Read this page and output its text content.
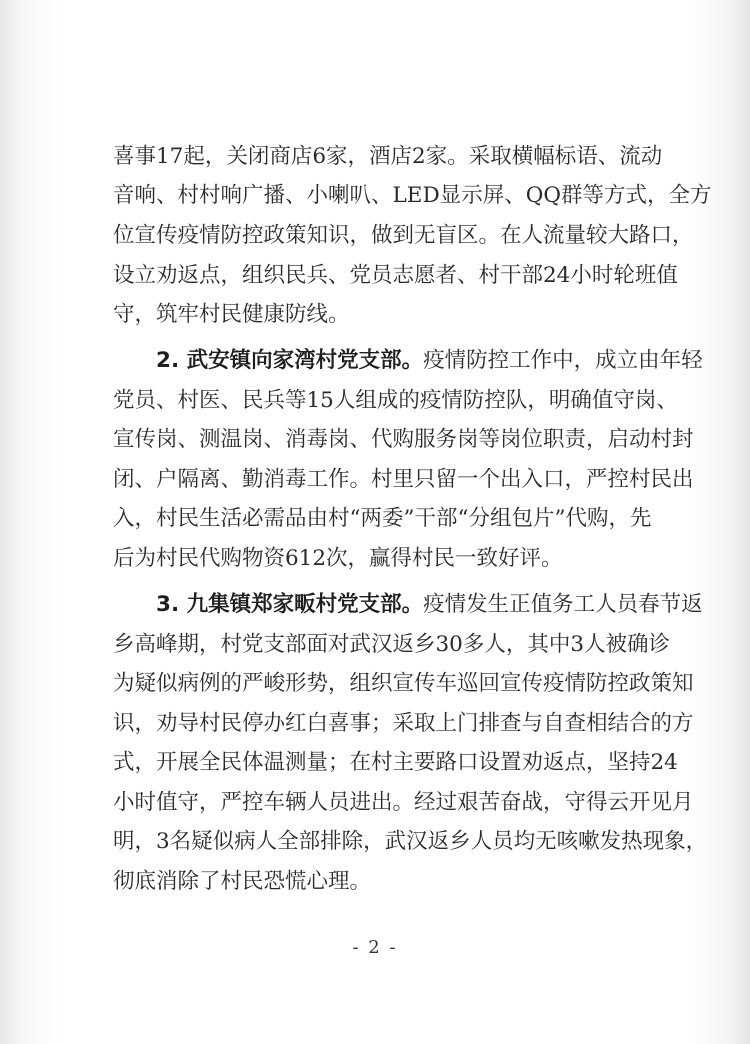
喜事17起，关闭商店6家，酒店2家。采取横幅标语、流动
音响、村村响广播、小喇叭、LED显示屏、QQ群等方式，全方
位宣传疫情防控政策知识，做到无盲区。在人流量较大路口，
设立劝返点，组织民兵、党员志愿者、村干部24小时轮班值
守，筑牢村民健康防线。
2. 武安镇向家湾村党支部。疫情防控工作中，成立由年轻
党员、村医、民兵等15人组成的疫情防控队，明确值守岗、
宣传岗、测温岗、消毒岗、代购服务岗等岗位职责，启动村封
闭、户隔离、勤消毒工作。村里只留一个出入口，严控村民出
入，村民生活必需品由村“两委”干部“分组包片”代购，先
后为村民代购物资612次，赢得村民一致好评。
3. 九集镇郑家畈村党支部。疫情发生正值务工人员春节返
乡高峰期，村党支部面对武汉返乡30多人，其中3人被确诊
为疑似病例的严峻形势，组织宣传车巡回宣传疫情防控政策知
识，劝导村民停办红白喜事；采取上门排查与自查相结合的方
式，开展全民体温测量；在村主要路口设置劝返点，坚持24
小时值守，严控车辆人员进出。经过艰苦奋战，守得云开见月
明，3名疑似病人全部排除，武汉返乡人员均无咳嗽发热现象，
彻底消除了村民恐慌心理。
- 2 -
